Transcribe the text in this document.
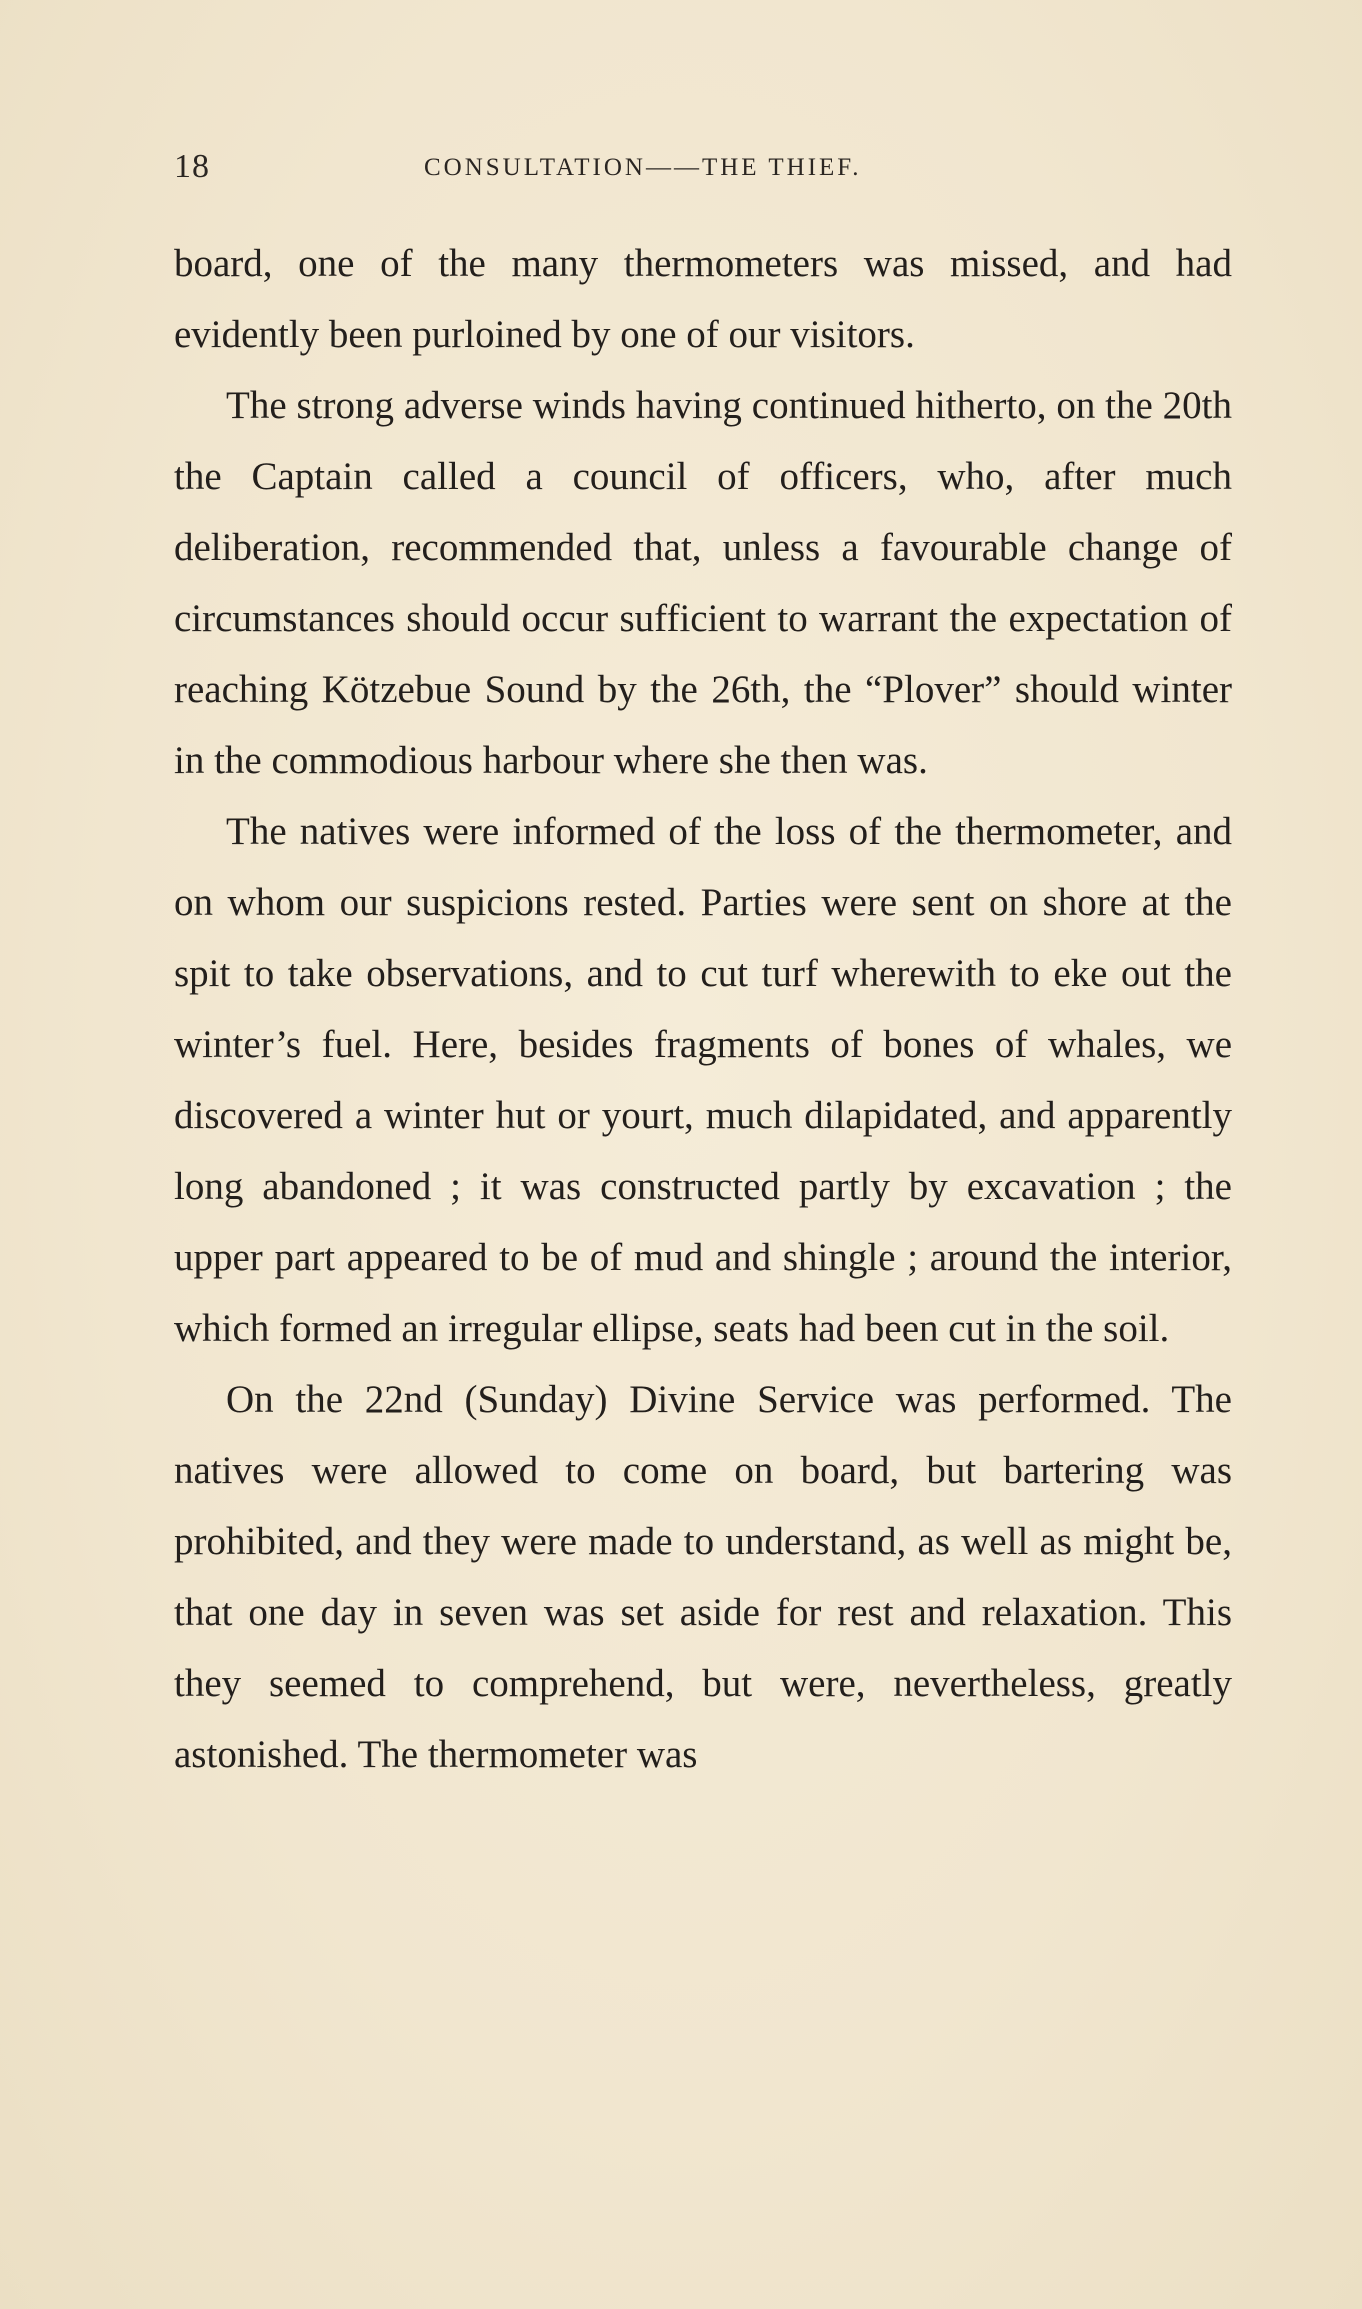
18	CONSULTATION——THE THIEF.

board, one of the many thermometers was missed, and had evidently been purloined by one of our visitors.

The strong adverse winds having continued hitherto, on the 20th the Captain called a council of officers, who, after much deliberation, recommended that, unless a favourable change of circumstances should occur sufficient to warrant the expectation of reaching Kötzebue Sound by the 26th, the “Plover” should winter in the commodious harbour where she then was.

The natives were informed of the loss of the thermometer, and on whom our suspicions rested. Parties were sent on shore at the spit to take observations, and to cut turf wherewith to eke out the winter’s fuel. Here, besides fragments of bones of whales, we discovered a winter hut or yourt, much dilapidated, and apparently long abandoned ; it was constructed partly by excavation ; the upper part appeared to be of mud and shingle ; around the interior, which formed an irregular ellipse, seats had been cut in the soil.

On the 22nd (Sunday) Divine Service was performed. The natives were allowed to come on board, but bartering was prohibited, and they were made to understand, as well as might be, that one day in seven was set aside for rest and relaxation. This they seemed to comprehend, but were, nevertheless, greatly astonished. The thermometer was
